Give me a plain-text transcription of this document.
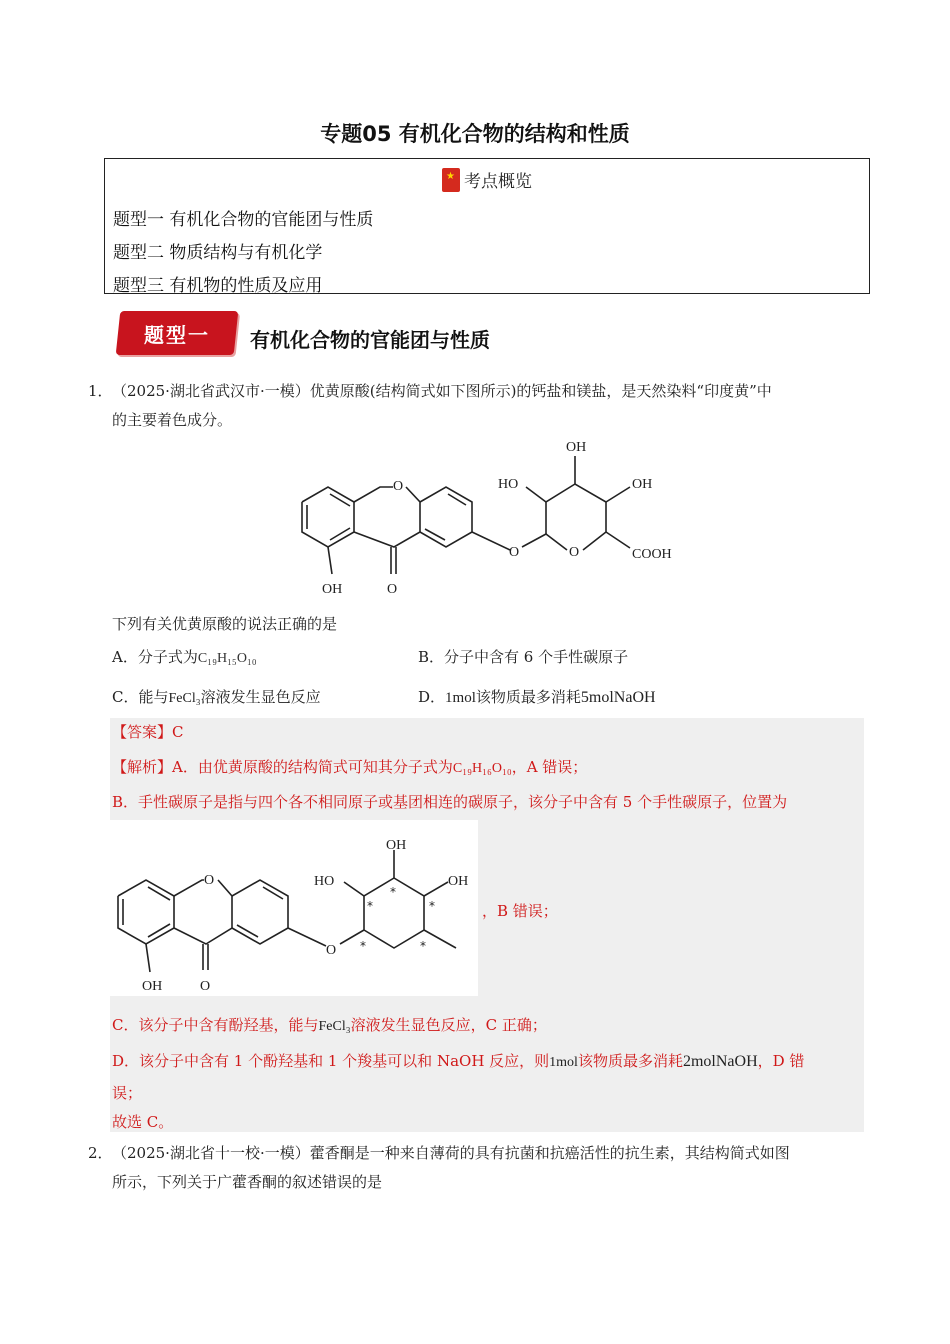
专题05 有机化合物的结构和性质
★考点概览
题型一 有机化合物的官能团与性质
题型二 物质结构与有机化学
题型三 有机物的性质及应用
题型一 有机化合物的官能团与性质
1． （2025·湖北省武汉市·一模）优黄原酸(结构简式如下图所示)的钙盐和镁盐，是天然染料“印度黄”中
的主要着色成分。
O
OH	O
O	O
HO
OH
OH
COOH
下列有关优黄原酸的说法正确的是
A．分子式为C₁₉H₁₅O₁₀	B．分子中含有 6 个手性碳原子
C．能与FeCl₃溶液发生显色反应	D．1mol该物质最多消耗5molNaOH
【答案】C
【解析】A．由优黄原酸的结构简式可知其分子式为C₁₉H₁₆O₁₀，A 错误；
B．手性碳原子是指与四个各不相同原子或基团相连的碳原子，该分子中含有 5 个手性碳原子，位置为
O
OH	O
O
HO
OH
OH
*
*
*
*	*
，B 错误；
C．该分子中含有酚羟基，能与FeCl₃溶液发生显色反应，C 正确；
D．该分子中含有 1 个酚羟基和 1 个羧基可以和 NaOH 反应，则1mol该物质最多消耗2molNaOH，D 错
误；
故选 C。
2． （2025·湖北省十一校·一模）藿香酮是一种来自薄荷的具有抗菌和抗癌活性的抗生素，其结构简式如图
所示，下列关于广藿香酮的叙述错误的是
